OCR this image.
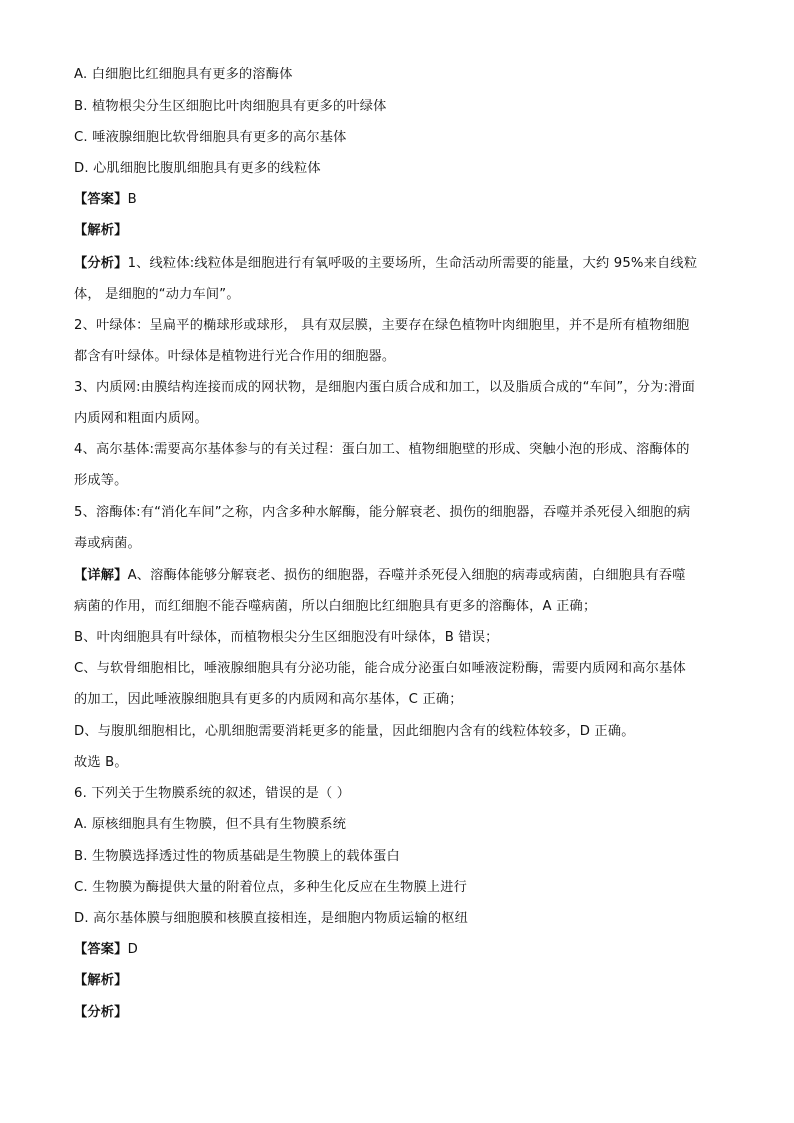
A. 白细胞比红细胞具有更多的溶酶体
B. 植物根尖分生区细胞比叶肉细胞具有更多的叶绿体
C. 唾液腺细胞比软骨细胞具有更多的高尔基体
D. 心肌细胞比腹肌细胞具有更多的线粒体
【答案】B
【解析】
【分析】1、线粒体:线粒体是细胞进行有氧呼吸的主要场所，生命活动所需要的能量，大约 95%来自线粒
体， 是细胞的“动力车间”。
2、叶绿体：呈扁平的椭球形或球形， 具有双层膜，主要存在绿色植物叶肉细胞里，并不是所有植物细胞
都含有叶绿体。叶绿体是植物进行光合作用的细胞器。
3、内质网:由膜结构连接而成的网状物，是细胞内蛋白质合成和加工，以及脂质合成的“车间”，分为:滑面
内质网和粗面内质网。
4、高尔基体:需要高尔基体参与的有关过程：蛋白加工、植物细胞壁的形成、突触小泡的形成、溶酶体的
形成等。
5、溶酶体:有“消化车间”之称，内含多种水解酶，能分解衰老、损伤的细胞器，吞噬并杀死侵入细胞的病
毒或病菌。
【详解】A、溶酶体能够分解衰老、损伤的细胞器，吞噬并杀死侵入细胞的病毒或病菌，白细胞具有吞噬
病菌的作用，而红细胞不能吞噬病菌，所以白细胞比红细胞具有更多的溶酶体，A 正确；
B、叶肉细胞具有叶绿体，而植物根尖分生区细胞没有叶绿体，B 错误；
C、与软骨细胞相比，唾液腺细胞具有分泌功能，能合成分泌蛋白如唾液淀粉酶，需要内质网和高尔基体
的加工，因此唾液腺细胞具有更多的内质网和高尔基体，C 正确；
D、与腹肌细胞相比，心肌细胞需要消耗更多的能量，因此细胞内含有的线粒体较多，D 正确。
故选 B。
6. 下列关于生物膜系统的叙述，错误的是（ ）
A. 原核细胞具有生物膜，但不具有生物膜系统
B. 生物膜选择透过性的物质基础是生物膜上的载体蛋白
C. 生物膜为酶提供大量的附着位点，多种生化反应在生物膜上进行
D. 高尔基体膜与细胞膜和核膜直接相连，是细胞内物质运输的枢纽
【答案】D
【解析】
【分析】
